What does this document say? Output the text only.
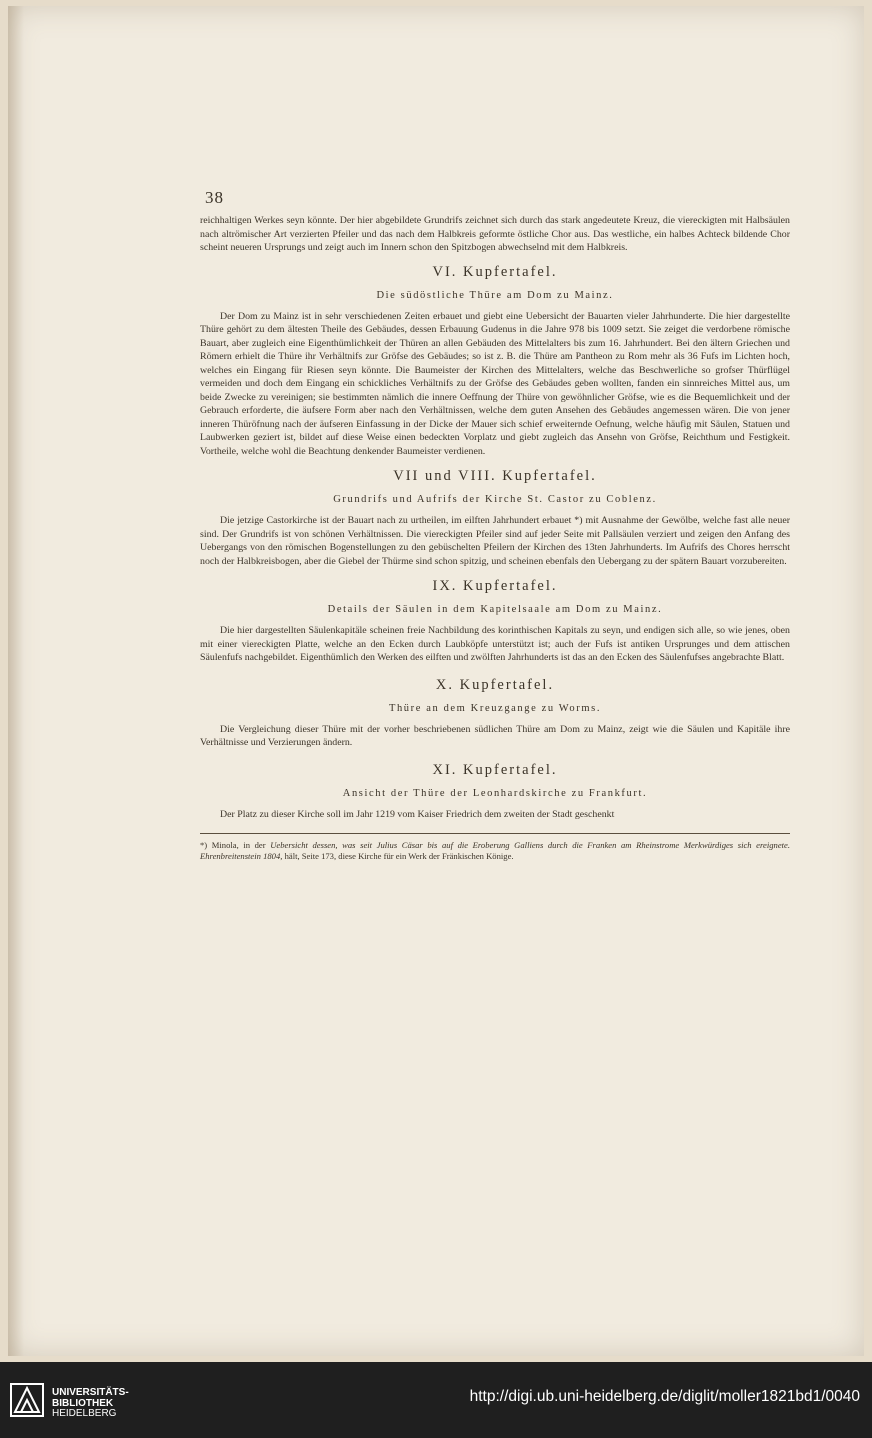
38

reichhaltigen Werkes seyn könnte. Der hier abgebildete Grundrifs zeichnet sich durch das stark angedeutete Kreuz, die viereckigten mit Halbsäulen nach altrömischer Art verzierten Pfeiler und das nach dem Halbkreis geformte östliche Chor aus. Das westliche, ein halbes Achteck bildende Chor scheint neueren Ursprungs und zeigt auch im Innern schon den Spitzbogen abwechselnd mit dem Halbkreis.

VI. Kupfertafel.

Die südöstliche Thüre am Dom zu Mainz.

Der Dom zu Mainz ist in sehr verschiedenen Zeiten erbauet und giebt eine Uebersicht der Bauarten vieler Jahrhunderte. Die hier dargestellte Thüre gehört zu dem ältesten Theile des Gebäudes, dessen Erbauung Gudenus in die Jahre 978 bis 1009 setzt. Sie zeiget die verdorbene römische Bauart, aber zugleich eine Eigenthümlichkeit der Thüren an allen Gebäuden des Mittelalters bis zum 16. Jahrhundert. Bei den ältern Griechen und Römern erhielt die Thüre ihr Verhältnifs zur Gröfse des Gebäudes; so ist z. B. die Thüre am Pantheon zu Rom mehr als 36 Fufs im Lichten hoch, welches ein Eingang für Riesen seyn könnte. Die Baumeister der Kirchen des Mittelalters, welche das Beschwerliche so grofser Thürflügel vermeiden und doch dem Eingang ein schickliches Verhältnifs zu der Gröfse des Gebäudes geben wollten, fanden ein sinnreiches Mittel aus, um beide Zwecke zu vereinigen; sie bestimmten nämlich die innere Oeffnung der Thüre von gewöhnlicher Gröfse, wie es die Bequemlichkeit und der Gebrauch erforderte, die äufsere Form aber nach den Verhältnissen, welche dem guten Ansehen des Gebäudes angemessen wären. Die von jener inneren Thüröfnung nach der äufseren Einfassung in der Dicke der Mauer sich schief erweiternde Oefnung, welche häufig mit Säulen, Statuen und Laubwerken geziert ist, bildet auf diese Weise einen bedeckten Vorplatz und giebt zugleich das Ansehn von Gröfse, Reichthum und Festigkeit. Vortheile, welche wohl die Beachtung denkender Baumeister verdienen.

VII und VIII. Kupfertafel.

Grundrifs und Aufrifs der Kirche St. Castor zu Coblenz.

Die jetzige Castorkirche ist der Bauart nach zu urtheilen, im eilften Jahrhundert erbauet *) mit Ausnahme der Gewölbe, welche fast alle neuer sind. Der Grundrifs ist von schönen Verhältnissen. Die viereckigten Pfeiler sind auf jeder Seite mit Pallsäulen verziert und zeigen den Anfang des Uebergangs von den römischen Bogenstellungen zu den gebüschelten Pfeilern der Kirchen des 13ten Jahrhunderts. Im Aufrifs des Chores herrscht noch der Halbkreisbogen, aber die Giebel der Thürme sind schon spitzig, und scheinen ebenfals den Uebergang zu der spätern Bauart vorzubereiten.

IX. Kupfertafel.

Details der Säulen in dem Kapitelsaale am Dom zu Mainz.

Die hier dargestellten Säulenkapitäle scheinen freie Nachbildung des korinthischen Kapitals zu seyn, und endigen sich alle, so wie jenes, oben mit einer viereckigten Platte, welche an den Ecken durch Laubköpfe unterstützt ist; auch der Fufs ist antiken Ursprunges und dem attischen Säulenfufs nachgebildet. Eigenthümlich den Werken des eilften und zwölften Jahrhunderts ist das an den Ecken des Säulenfufses angebrachte Blatt.

X. Kupfertafel.

Thüre an dem Kreuzgange zu Worms.

Die Vergleichung dieser Thüre mit der vorher beschriebenen südlichen Thüre am Dom zu Mainz, zeigt wie die Säulen und Kapitäle ihre Verhältnisse und Verzierungen ändern.

XI. Kupfertafel.

Ansicht der Thüre der Leonhardskirche zu Frankfurt.

Der Platz zu dieser Kirche soll im Jahr 1219 vom Kaiser Friedrich dem zweiten der Stadt geschenkt

*) Minola, in der Uebersicht dessen, was seit Julius Cäsar bis auf die Eroberung Galliens durch die Franken am Rheinstrome Merkwürdiges sich ereignete. Ehrenbreitenstein 1804, hält, Seite 173, diese Kirche für ein Werk der Fränkischen Könige.

UNIVERSITÄTS-
BIBLIOTHEK
HEIDELBERG
http://digi.ub.uni-heidelberg.de/diglit/moller1821bd1/0040
